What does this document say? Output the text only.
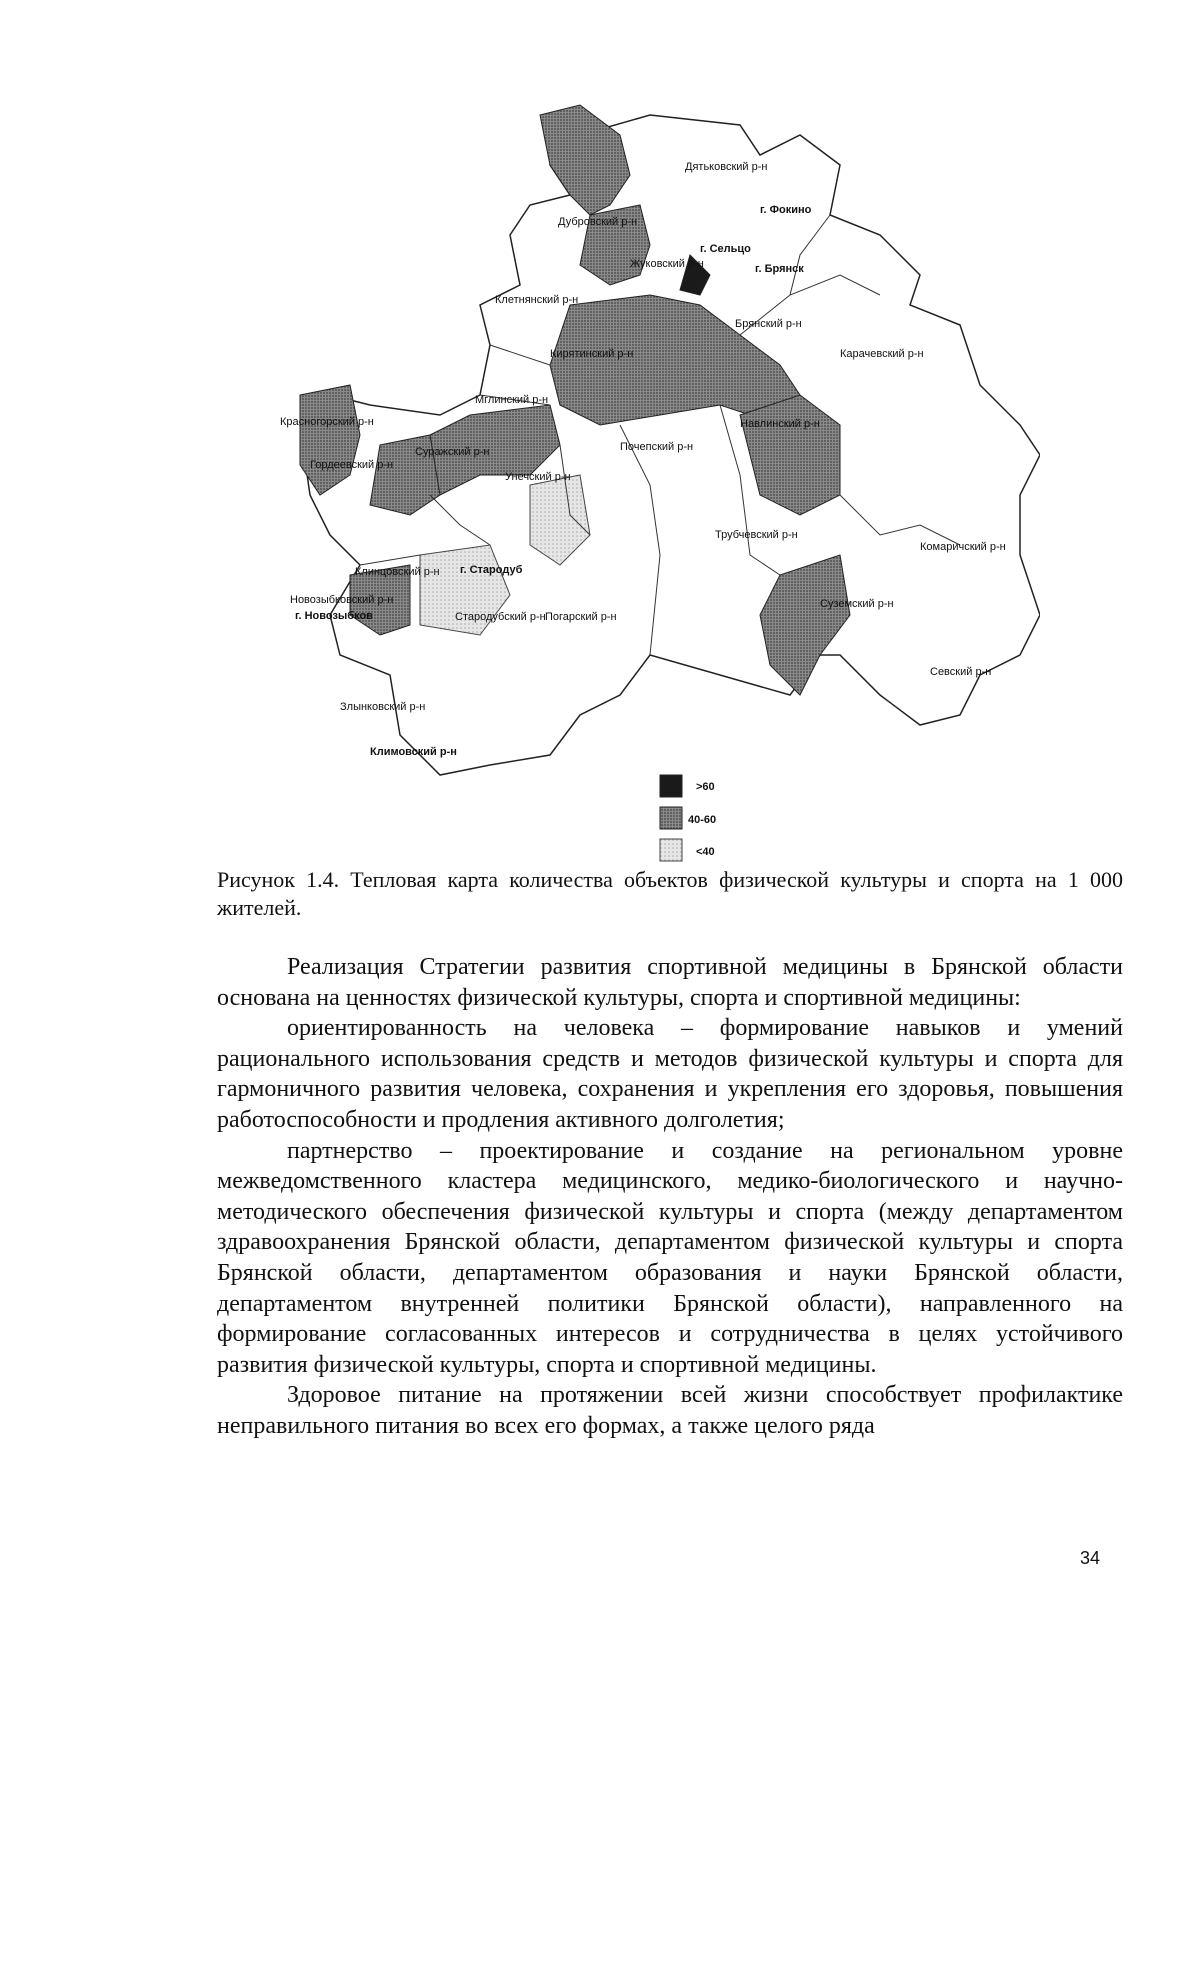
Дятьковский р-н
г. Фокино
Дубровский р-н
г. Сельцо
г. Брянск
Жуковский р-н
Клетнянский р-н
Брянский р-н
Карачевский р-н
Кирятинский р-н
Мглинский р-н
Навлинский р-н
Почепский р-н
Гордеевский р-н
Суражский р-н
Унечский р-н
Трубчевский р-н
Красногорский р-н
Комаричский р-н
Клинцовский р-н г. Стародуб
Новозыбковский р-н
г. Новозыбков	Стародубский р-н Погарский р-н
Суземский р-н
Севский р-н
Злынковский р-н
Климовский р-н
>60
40-60
<40
Рисунок 1.4. Тепловая карта количества объектов физической культуры и спорта на 1 000 жителей.

Реализация Стратегии развития спортивной медицины в Брянской области основана на ценностях физической культуры, спорта и спортивной медицины:

ориентированность на человека – формирование навыков и умений рационального использования средств и методов физической культуры и спорта для гармоничного развития человека, сохранения и укрепления его здоровья, повышения работоспособности и продления активного долголетия;

партнерство – проектирование и создание на региональном уровне межведомственного кластера медицинского, медико-биологического и научно-методического обеспечения физической культуры и спорта (между департаментом здравоохранения Брянской области, департаментом физической культуры и спорта Брянской области, департаментом образования и науки Брянской области, департаментом внутренней политики Брянской области), направленного на формирование согласованных интересов и сотрудничества в целях устойчивого развития физической культуры, спорта и спортивной медицины.

Здоровое питание на протяжении всей жизни способствует профилактике неправильного питания во всех его формах, а также целого ряда

34
